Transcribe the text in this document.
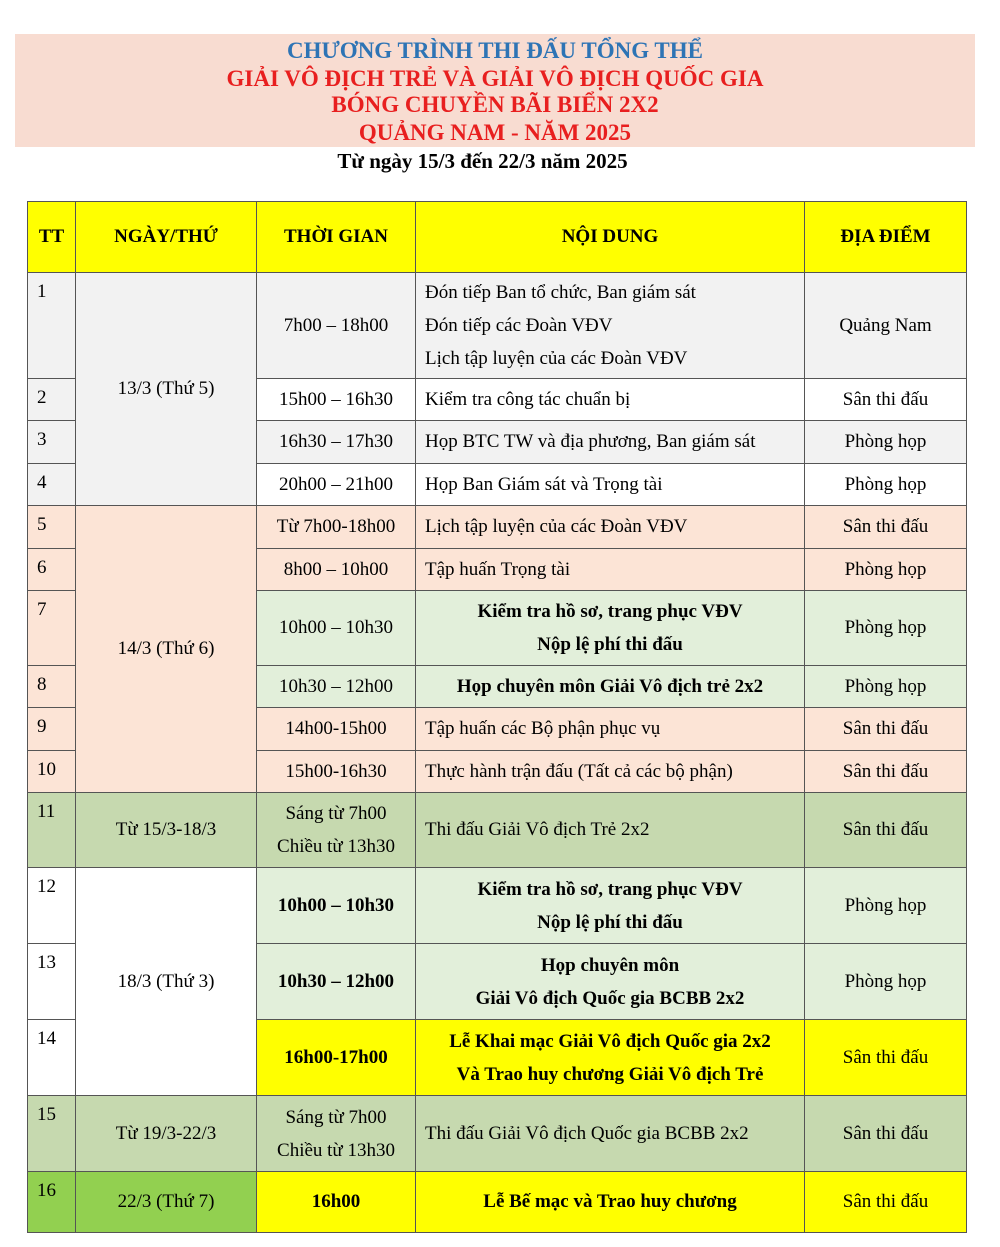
CHƯƠNG TRÌNH THI ĐẤU TỔNG THỂ
GIẢI VÔ ĐỊCH TRẺ VÀ GIẢI VÔ ĐỊCH QUỐC GIA
BÓNG CHUYỀN BÃI BIỂN 2X2
QUẢNG NAM - NĂM 2025
Từ ngày 15/3 đến 22/3 năm 2025
TT	NGÀY/THỨ	THỜI GIAN	NỘI DUNG	ĐỊA ĐIỂM
1	13/3 (Thứ 5)	7h00 – 18h00	Đón tiếp Ban tổ chức, Ban giám sát
Đón tiếp các Đoàn VĐV
Lịch tập luyện của các Đoàn VĐV	Quảng Nam
2		15h00 – 16h30	Kiểm tra công tác chuẩn bị	Sân thi đấu
3		16h30 – 17h30	Họp BTC TW và địa phương, Ban giám sát	Phòng họp
4		20h00 – 21h00	Họp Ban Giám sát và Trọng tài	Phòng họp
5	14/3 (Thứ 6)	Từ 7h00-18h00	Lịch tập luyện của các Đoàn VĐV	Sân thi đấu
6		8h00 – 10h00	Tập huấn Trọng tài	Phòng họp
7		10h00 – 10h30	Kiểm tra hồ sơ, trang phục VĐV
Nộp lệ phí thi đấu	Phòng họp
8		10h30 – 12h00	Họp chuyên môn Giải Vô địch trẻ 2x2	Phòng họp
9		14h00-15h00	Tập huấn các Bộ phận phục vụ	Sân thi đấu
10		15h00-16h30	Thực hành trận đấu (Tất cả các bộ phận)	Sân thi đấu
11	Từ 15/3-18/3	Sáng từ 7h00
Chiều từ 13h30	Thi đấu Giải Vô địch Trẻ 2x2	Sân thi đấu
12	18/3 (Thứ 3)	10h00 – 10h30	Kiểm tra hồ sơ, trang phục VĐV
Nộp lệ phí thi đấu	Phòng họp
13		10h30 – 12h00	Họp chuyên môn
Giải Vô địch Quốc gia BCBB 2x2	Phòng họp
14		16h00-17h00	Lễ Khai mạc Giải Vô địch Quốc gia 2x2
Và Trao huy chương Giải Vô địch Trẻ	Sân thi đấu
15	Từ 19/3-22/3	Sáng từ 7h00
Chiều từ 13h30	Thi đấu Giải Vô địch Quốc gia BCBB 2x2	Sân thi đấu
16	22/3 (Thứ 7)	16h00	Lễ Bế mạc và Trao huy chương	Sân thi đấu
